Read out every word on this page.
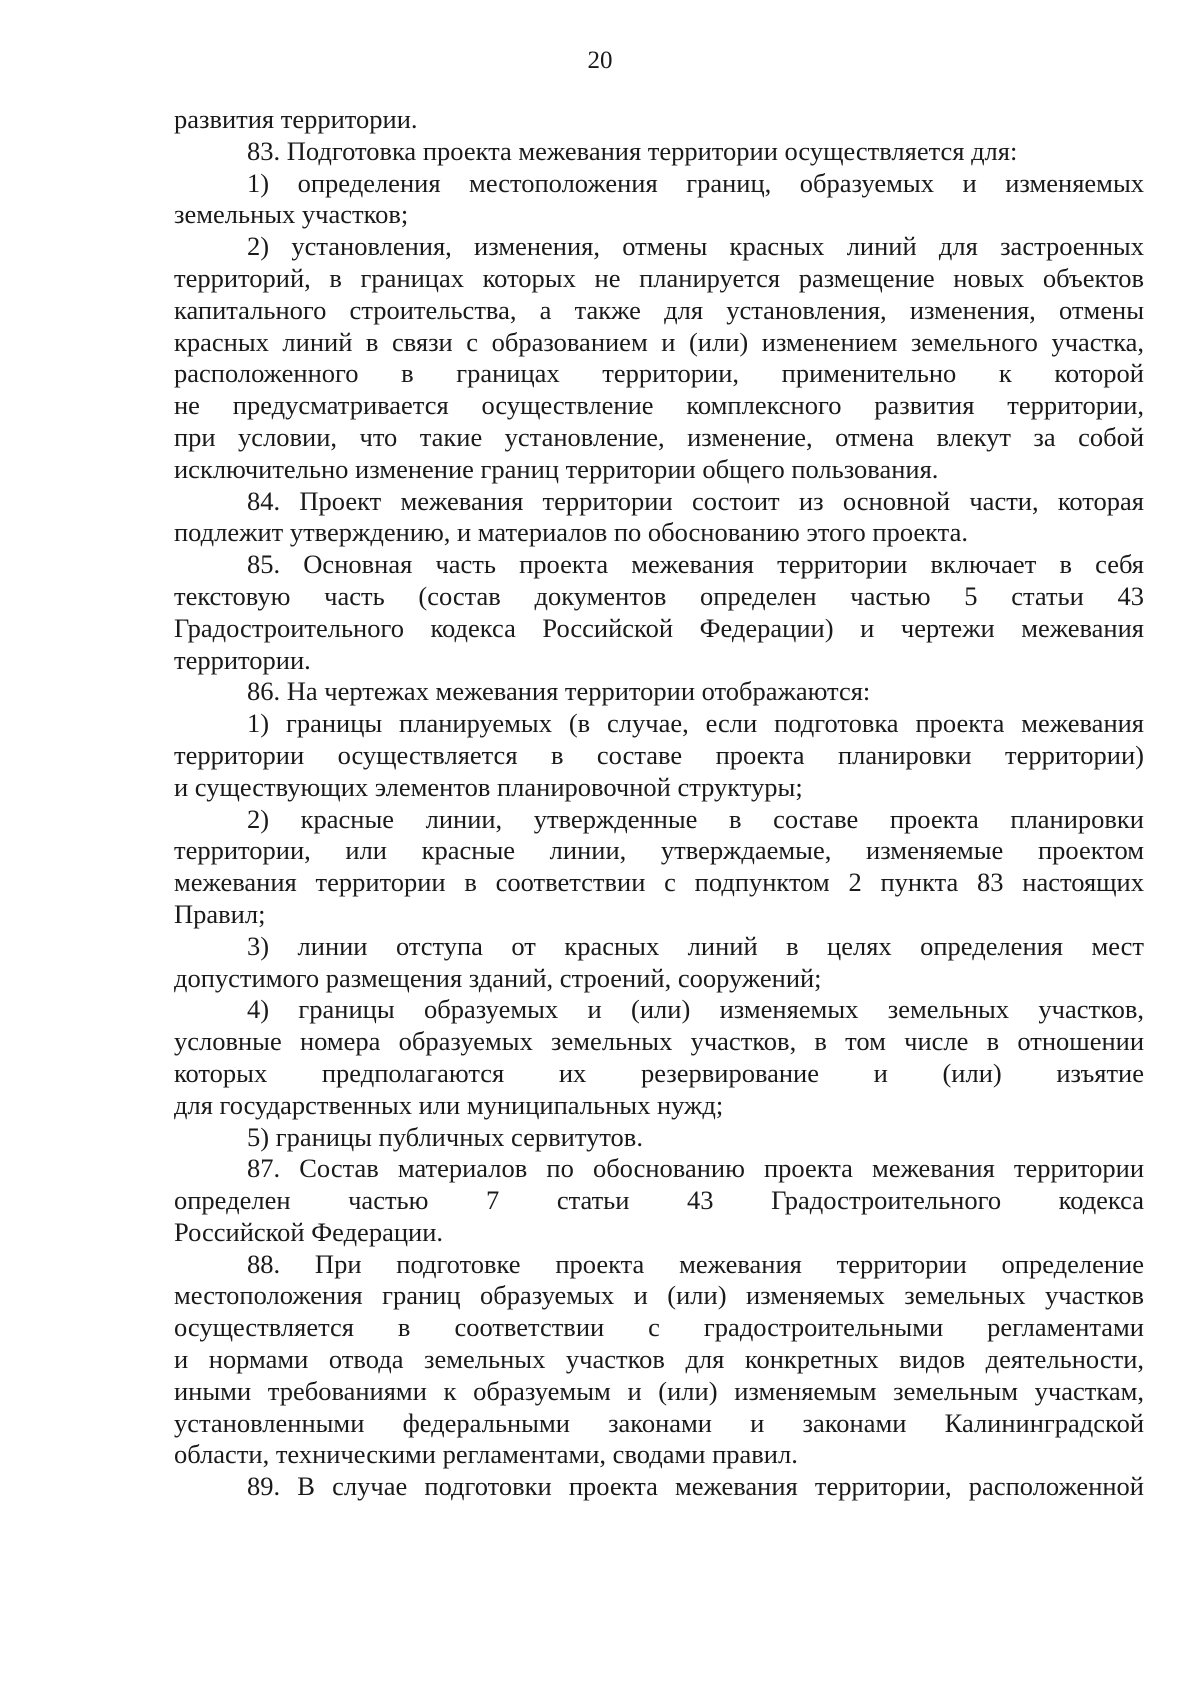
20
развития территории.
83. Подготовка проекта межевания территории осуществляется для:
1) определения местоположения границ, образуемых и изменяемых
земельных участков;
2) установления, изменения, отмены красных линий для застроенных
территорий, в границах которых не планируется размещение новых объектов
капитального строительства, а также для установления, изменения, отмены
красных линий в связи с образованием и (или) изменением земельного участка,
расположенного в границах территории, применительно к которой
не предусматривается осуществление комплексного развития территории,
при условии, что такие установление, изменение, отмена влекут за собой
исключительно изменение границ территории общего пользования.
84. Проект межевания территории состоит из основной части, которая
подлежит утверждению, и материалов по обоснованию этого проекта.
85. Основная часть проекта межевания территории включает в себя
текстовую часть (состав документов определен частью 5 статьи 43
Градостроительного кодекса Российской Федерации) и чертежи межевания
территории.
86. На чертежах межевания территории отображаются:
1) границы планируемых (в случае, если подготовка проекта межевания
территории осуществляется в составе проекта планировки территории)
и существующих элементов планировочной структуры;
2) красные линии, утвержденные в составе проекта планировки
территории, или красные линии, утверждаемые, изменяемые проектом
межевания территории в соответствии с подпунктом 2 пункта 83 настоящих
Правил;
3) линии отступа от красных линий в целях определения мест
допустимого размещения зданий, строений, сооружений;
4) границы образуемых и (или) изменяемых земельных участков,
условные номера образуемых земельных участков, в том числе в отношении
которых предполагаются их резервирование и (или) изъятие
для государственных или муниципальных нужд;
5) границы публичных сервитутов.
87. Состав материалов по обоснованию проекта межевания территории
определен частью 7 статьи 43 Градостроительного кодекса
Российской Федерации.
88. При подготовке проекта межевания территории определение
местоположения границ образуемых и (или) изменяемых земельных участков
осуществляется в соответствии с градостроительными регламентами
и нормами отвода земельных участков для конкретных видов деятельности,
иными требованиями к образуемым и (или) изменяемым земельным участкам,
установленными федеральными законами и законами Калининградской
области, техническими регламентами, сводами правил.
89. В случае подготовки проекта межевания территории, расположенной
